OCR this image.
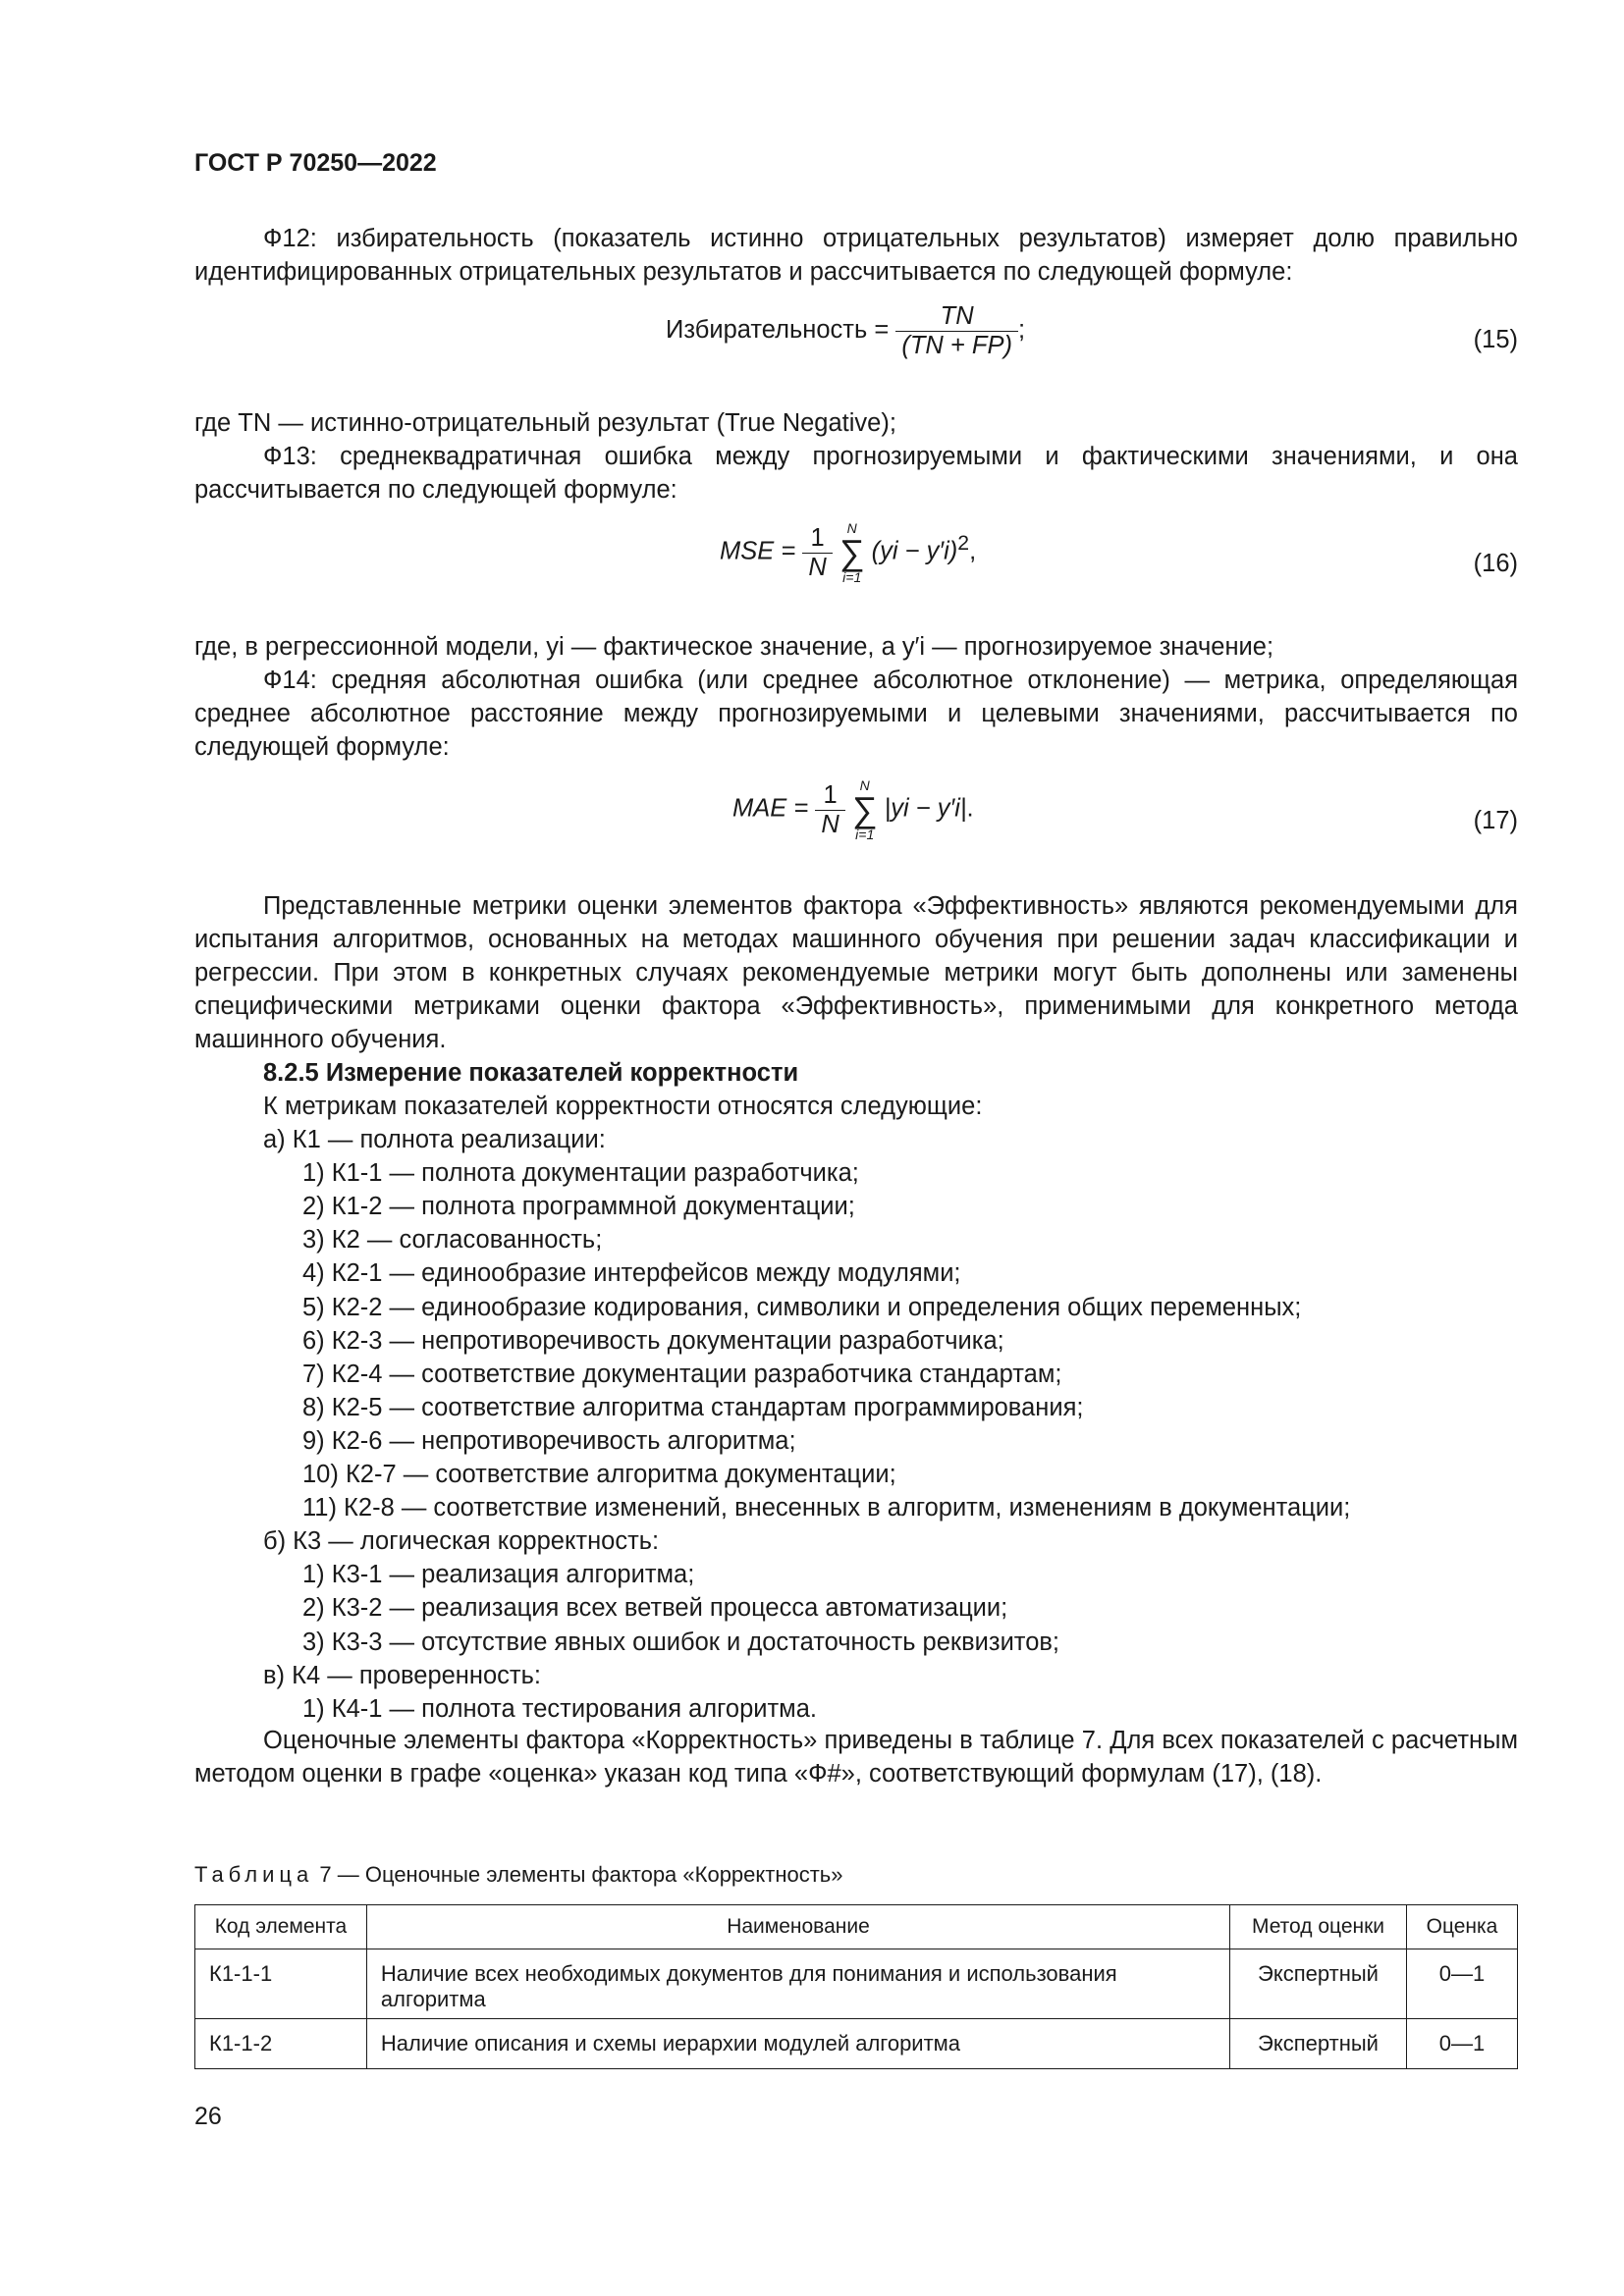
ГОСТ Р 70250—2022
Ф12: избирательность (показатель истинно отрицательных результатов) измеряет долю правильно идентифицированных отрицательных результатов и рассчитывается по следующей формуле:
Избирательность = $\frac{TN}{(TN + FP)}$ ;	(15)
где TN — истинно-отрицательный результат (True Negative);
Ф13: среднеквадратичная ошибка между прогнозируемыми и фактическими значениями, и она рассчитывается по следующей формуле:
MSE = $\frac{1}{N}$ N
∑
i=1 (yi − y′i)$^2$,	(16)
где, в регрессионной модели, yi — фактическое значение, а y′i — прогнозируемое значение;
Ф14: средняя абсолютная ошибка (или среднее абсолютное отклонение) — метрика, определяющая среднее абсолютное расстояние между прогнозируемыми и целевыми значениями, рассчитывается по следующей формуле:
MAE = $\frac{1}{N}$ N
∑
i=1 |yi − y′i|.	(17)
Представленные метрики оценки элементов фактора «Эффективность» являются рекомендуемыми для испытания алгоритмов, основанных на методах машинного обучения при решении задач классификации и регрессии. При этом в конкретных случаях рекомендуемые метрики могут быть дополнены или заменены специфическими метриками оценки фактора «Эффективность», применимыми для конкретного метода машинного обучения.
8.2.5 Измерение показателей корректности
К метрикам показателей корректности относятся следующие:
а) К1 — полнота реализации:
1) К1-1 — полнота документации разработчика;
2) К1-2 — полнота программной документации;
3) К2 — согласованность;
4) К2-1 — единообразие интерфейсов между модулями;
5) К2-2 — единообразие кодирования, символики и определения общих переменных;
6) К2-3 — непротиворечивость документации разработчика;
7) К2-4 — соответствие документации разработчика стандартам;
8) К2-5 — соответствие алгоритма стандартам программирования;
9) К2-6 — непротиворечивость алгоритма;
10) К2-7 — соответствие алгоритма документации;
11) К2-8 — соответствие изменений, внесенных в алгоритм, изменениям в документации;
б) К3 — логическая корректность:
1) К3-1 — реализация алгоритма;
2) К3-2 — реализация всех ветвей процесса автоматизации;
3) К3-3 — отсутствие явных ошибок и достаточность реквизитов;
в) К4 — проверенность:
1) К4-1 — полнота тестирования алгоритма.
Оценочные элементы фактора «Корректность» приведены в таблице 7. Для всех показателей с расчетным методом оценки в графе «оценка» указан код типа «Ф#», соответствующий формулам (17), (18).
Таблица 7 — Оценочные элементы фактора «Корректность»
Код элемента	Наименование	Метод оценки	Оценка
К1-1-1	Наличие всех необходимых документов для понимания и использования алгоритма	Экспертный	0—1
К1-1-2	Наличие описания и схемы иерархии модулей алгоритма	Экспертный	0—1
26
